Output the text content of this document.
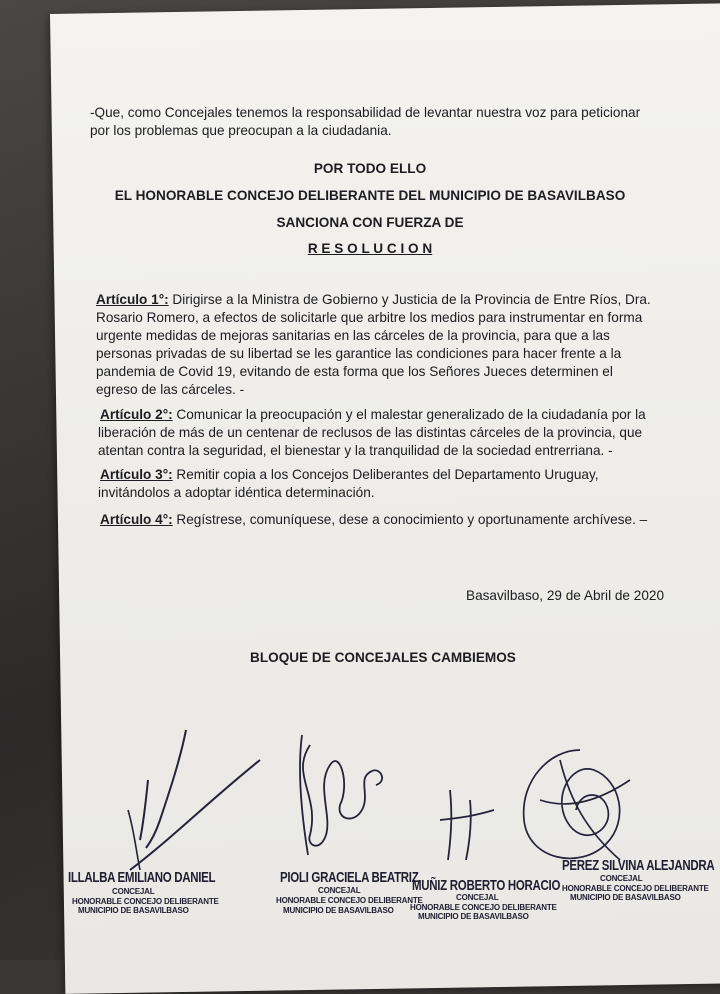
-Que, como Concejales tenemos la responsabilidad de levantar nuestra voz para peticionar
por los problemas que preocupan a la ciudadania.
POR TODO ELLO
EL HONORABLE CONCEJO DELIBERANTE DEL MUNICIPIO DE BASAVILBASO
SANCIONA CON FUERZA DE
R E S O L U C I O N
Artículo 1°: Dirigirse a la Ministra de Gobierno y Justicia de la Provincia de Entre Ríos, Dra.
Rosario Romero, a efectos de solicitarle que arbitre los medios para instrumentar en forma
urgente medidas de mejoras sanitarias en las cárceles de la provincia, para que a las
personas privadas de su libertad se les garantice las condiciones para hacer frente a la
pandemia de Covid 19, evitando de esta forma que los Señores Jueces determinen el
egreso de las cárceles. -
Artículo 2°: Comunicar la preocupación y el malestar generalizado de la ciudadanía por la
liberación de más de un centenar de reclusos de las distintas cárceles de la provincia, que
atentan contra la seguridad, el bienestar y la tranquilidad de la sociedad entrerriana. -
Artículo 3°: Remitir copia a los Concejos Deliberantes del Departamento Uruguay,
invitándolos a adoptar idéntica determinación.
Artículo 4°: Regístrese, comuníquese, dese a conocimiento y oportunamente archívese. –
Basavilbaso, 29 de Abril de 2020
BLOQUE DE CONCEJALES CAMBIEMOS
ILLALBA EMILIANO DANIEL
CONCEJAL
HONORABLE CONCEJO DELIBERANTE
MUNICIPIO DE BASAVILBASO
PIOLI GRACIELA BEATRIZ
CONCEJAL
HONORABLE CONCEJO DELIBERANTE
MUNICIPIO DE BASAVILBASO
MUÑIZ ROBERTO HORACIO
CONCEJAL
HONORABLE CONCEJO DELIBERANTE
MUNICIPIO DE BASAVILBASO
PEREZ SILVINA ALEJANDRA
CONCEJAL
HONORABLE CONCEJO DELIBERANTE
MUNICIPIO DE BASAVILBASO
